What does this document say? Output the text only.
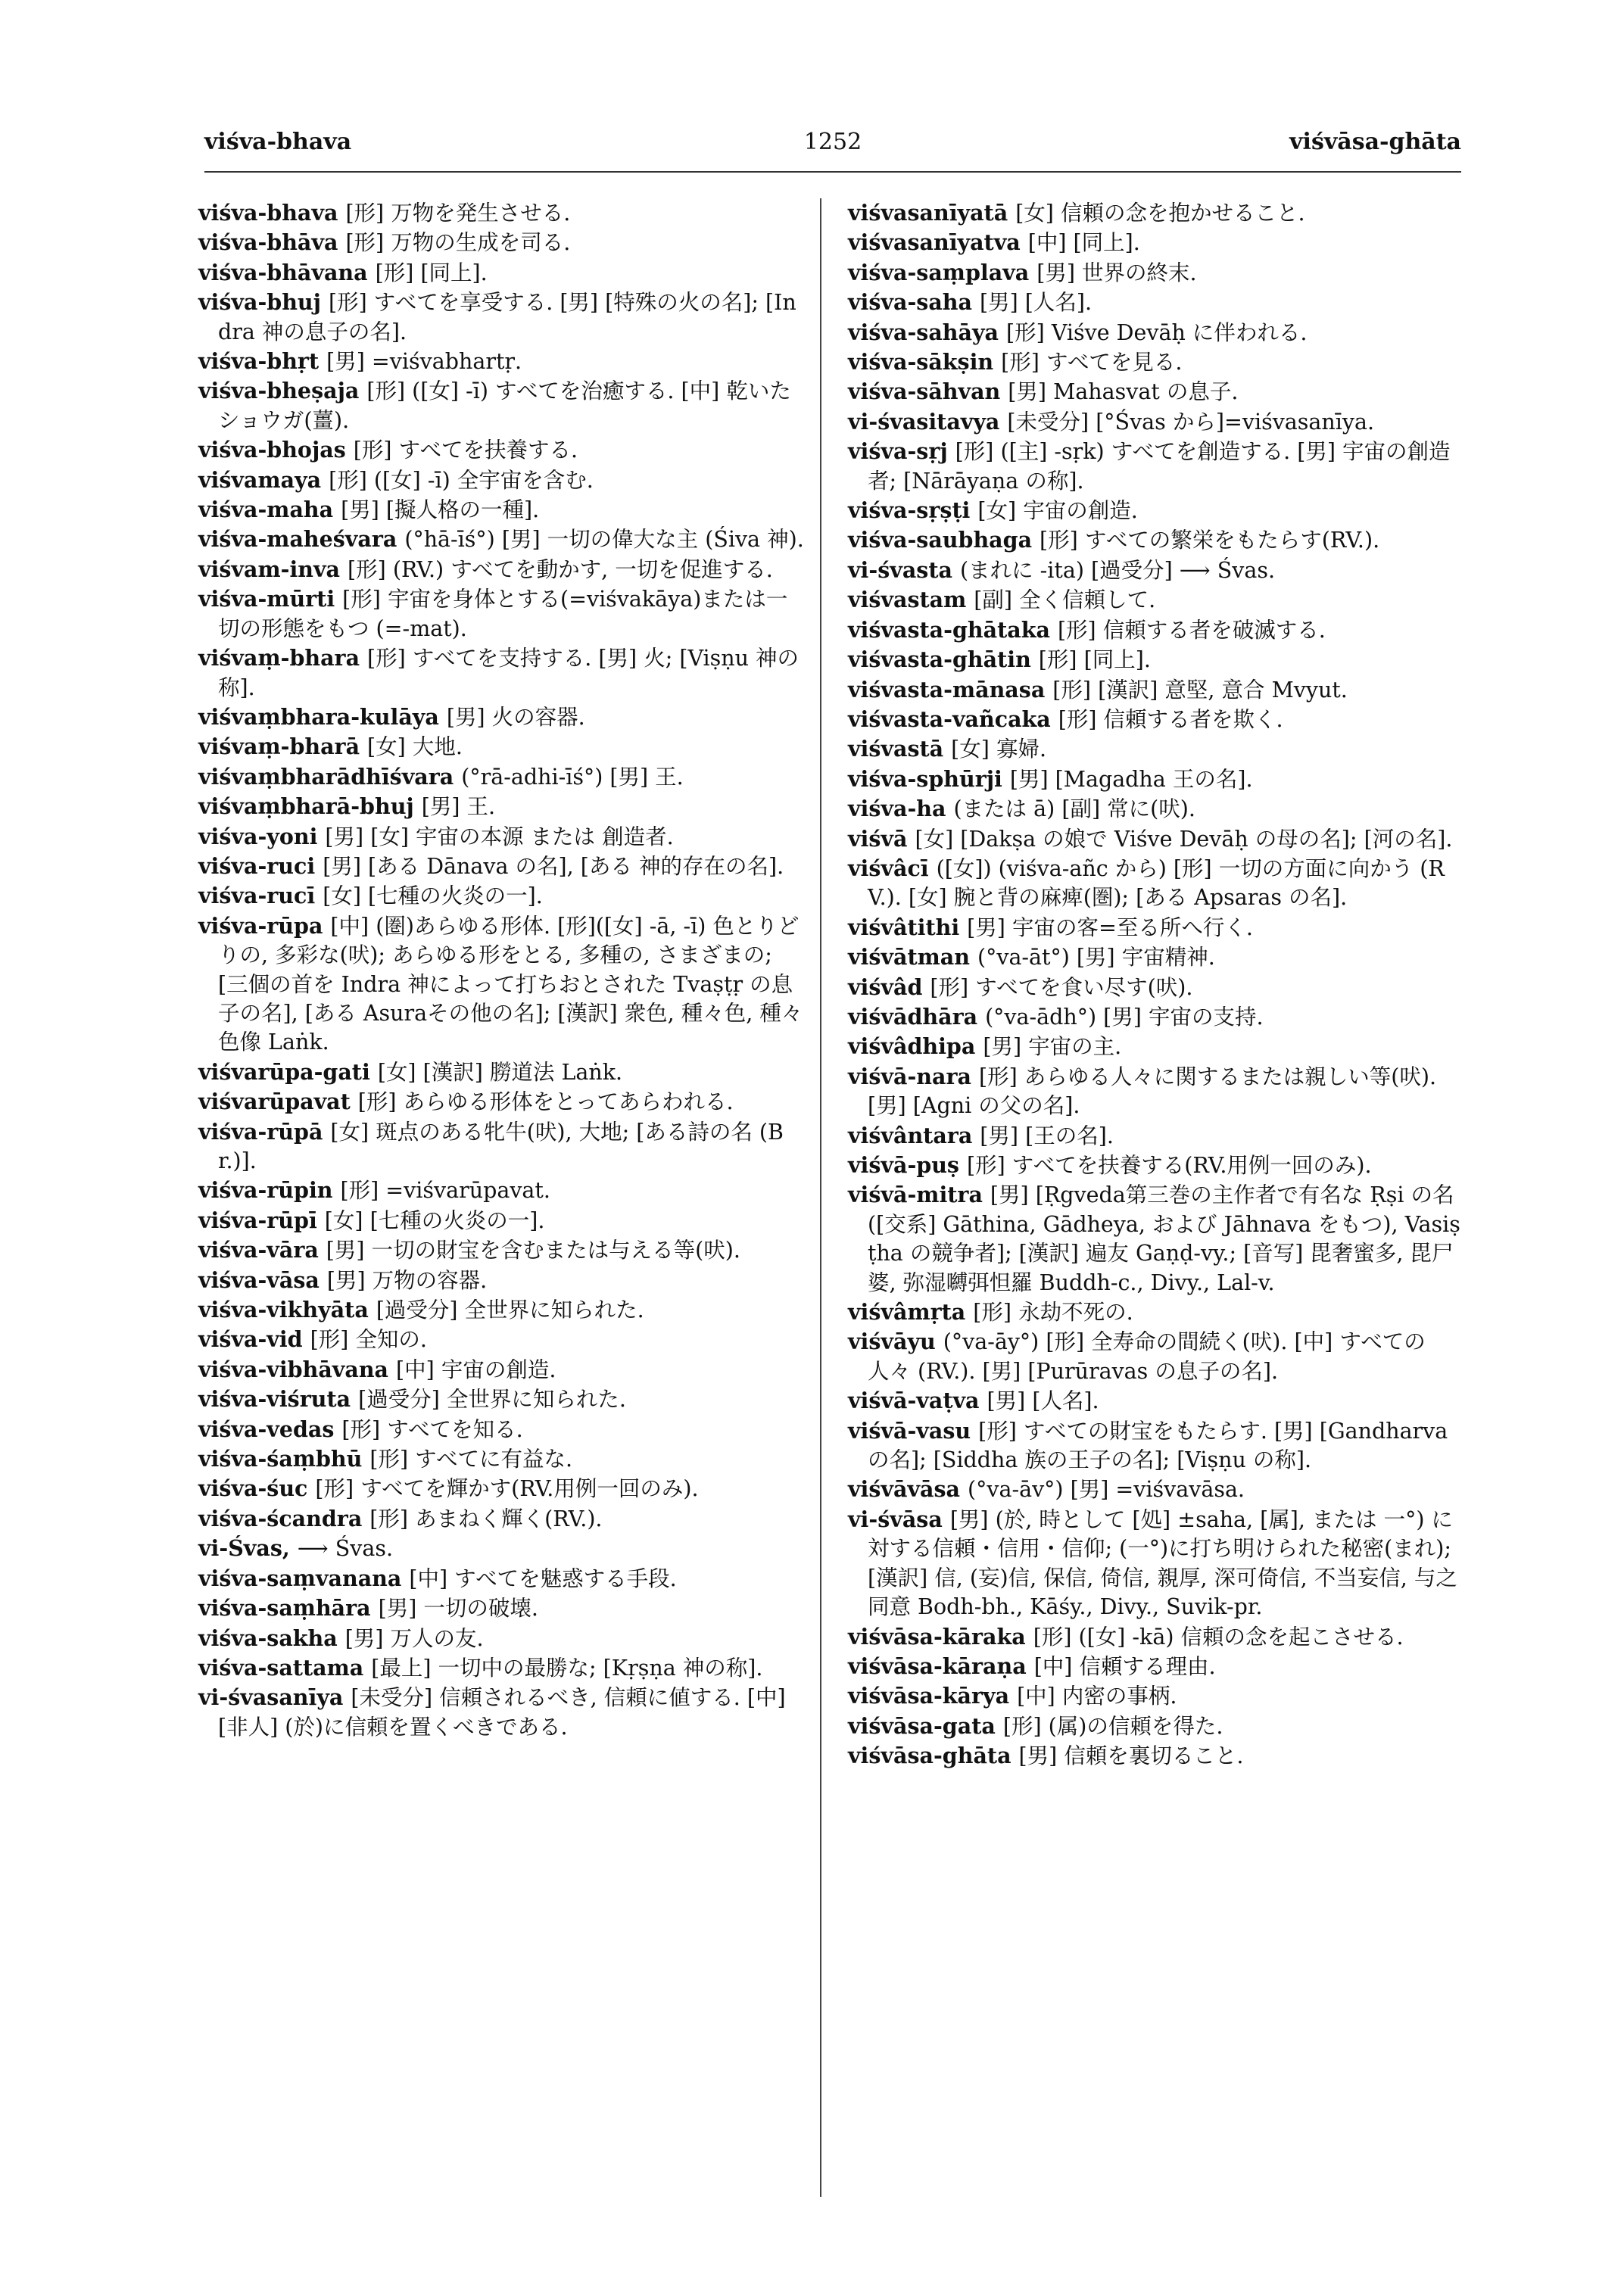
viśva-bhava	1252	viśvāsa-ghāta

viśva-bhava [形] 万物を発生させる.

viśva-bhāva [形] 万物の生成を司る.

viśva-bhāvana [形] [同上].

viśva-bhuj [形] すべてを享受する. [男] [特殊の火の名]; [Indra 神の息子の名].

viśva-bhṛt [男] =viśvabhartṛ.

viśva-bheṣaja [形] ([女] -ī) すべてを治癒する. [中] 乾いたショウガ(薑).

viśva-bhojas [形] すべてを扶養する.

viśvamaya [形] ([女] -ī) 全宇宙を含む.

viśva-maha [男] [擬人格の一種].

viśva-maheśvara (°hā-īś°) [男] 一切の偉大な主 (Śiva 神).

viśvam-inva [形] (RV.) すべてを動かす, 一切を促進する.

viśva-mūrti [形] 宇宙を身体とする(=viśvakāya)または一切の形態をもつ (=-mat).

viśvaṃ-bhara [形] すべてを支持する. [男] 火; [Viṣṇu 神の称].

viśvaṃbhara-kulāya [男] 火の容器.

viśvaṃ-bharā [女] 大地.

viśvaṃbharādhīśvara (°rā-adhi-īś°) [男] 王.

viśvaṃbharā-bhuj [男] 王.

viśva-yoni [男] [女] 宇宙の本源 または 創造者.

viśva-ruci [男] [ある Dānava の名], [ある 神的存在の名].

viśva-rucī [女] [七種の火炎の一].

viśva-rūpa [中] (圏)あらゆる形体. [形]([女] -ā, -ī) 色とりどりの, 多彩な(吠); あらゆる形をとる, 多種の, さまざまの; [三個の首を Indra 神によって打ちおとされた Tvaṣṭṛ の息子の名], [ある Asuraその他の名]; [漢訳] 衆色, 種々色, 種々色像 Laṅk.

viśvarūpa-gati [女] [漢訳] 朥道法 Laṅk.

viśvarūpavat [形] あらゆる形体をとってあらわれる.

viśva-rūpā [女] 斑点のある牝牛(吠), 大地; [ある詩の名 (Br.)].

viśva-rūpin [形] =viśvarūpavat.

viśva-rūpī [女] [七種の火炎の一].

viśva-vāra [男] 一切の財宝を含むまたは与える等(吠).

viśva-vāsa [男] 万物の容器.

viśva-vikhyāta [過受分] 全世界に知られた.

viśva-vid [形] 全知の.

viśva-vibhāvana [中] 宇宙の創造.

viśva-viśruta [過受分] 全世界に知られた.

viśva-vedas [形] すべてを知る.

viśva-śaṃbhū [形] すべてに有益な.

viśva-śuc [形] すべてを輝かす(RV.用例一回のみ).

viśva-ścandra [形] あまねく輝く(RV.).

vi-Śvas, ⟶ Śvas.

viśva-saṃvanana [中] すべてを魅惑する手段.

viśva-saṃhāra [男] 一切の破壊.

viśva-sakha [男] 万人の友.

viśva-sattama [最上] 一切中の最勝な; [Kṛṣṇa 神の称].

vi-śvasanīya [未受分] 信頼されるべき, 信頼に値する. [中] [非人] (於)に信頼を置くべきである.

viśvasanīyatā [女] 信頼の念を抱かせること.

viśvasanīyatva [中] [同上].

viśva-saṃplava [男] 世界の終末.

viśva-saha [男] [人名].

viśva-sahāya [形] Viśve Devāḥ に伴われる.

viśva-sākṣin [形] すべてを見る.

viśva-sāhvan [男] Mahasvat の息子.

vi-śvasitavya [未受分] [°Śvas から]=viśvasanīya.

viśva-sṛj [形] ([主] -sṛk) すべてを創造する. [男] 宇宙の創造者; [Nārāyaṇa の称].

viśva-sṛṣṭi [女] 宇宙の創造.

viśva-saubhaga [形] すべての繁栄をもたらす(RV.).

vi-śvasta (まれに -ita) [過受分] ⟶ Śvas.

viśvastam [副] 全く信頼して.

viśvasta-ghātaka [形] 信頼する者を破滅する.

viśvasta-ghātin [形] [同上].

viśvasta-mānasa [形] [漢訳] 意堅, 意合 Mvyut.

viśvasta-vañcaka [形] 信頼する者を欺く.

viśvastā [女] 寡婦.

viśva-sphūrji [男] [Magadha 王の名].

viśva-ha (または ā) [副] 常に(吠).

viśvā [女] [Dakṣa の娘で Viśve Devāḥ の母の名]; [河の名].

viśvâcī ([女]) (viśva-añc から) [形] 一切の方面に向かう (RV.). [女] 腕と背の麻痺(圏); [ある Apsaras の名].

viśvâtithi [男] 宇宙の客=至る所へ行く.

viśvātman (°va-āt°) [男] 宇宙精神.

viśvâd [形] すべてを食い尽す(吠).

viśvādhāra (°va-ādh°) [男] 宇宙の支持.

viśvâdhipa [男] 宇宙の主.

viśvā-nara [形] あらゆる人々に関するまたは親しい等(吠). [男] [Agni の父の名].

viśvântara [男] [王の名].

viśvā-puṣ [形] すべてを扶養する(RV.用例一回のみ).

viśvā-mitra [男] [Ṛgveda第三巻の主作者で有名な Ṛṣi の名 ([交系] Gāthina, Gādheya, および Jāhnava をもつ), Vasiṣṭha の競争者]; [漢訳] 遍友 Gaṇḍ-vy.; [音写] 毘奢蜜多, 毘尸婆, 弥湿嚩弭怛羅 Buddh-c., Divy., Lal-v.

viśvâmṛta [形] 永劫不死の.

viśvāyu (°va-āy°) [形] 全寿命の間続く(吠). [中] すべての人々 (RV.). [男] [Purūravas の息子の名].

viśvā-vaṭva [男] [人名].

viśvā-vasu [形] すべての財宝をもたらす. [男] [Gandharva の名]; [Siddha 族の王子の名]; [Viṣṇu の称].

viśvāvāsa (°va-āv°) [男] =viśvavāsa.

vi-śvāsa [男] (於, 時として [処] ±saha, [属], または 一°) に対する信頼・信用・信仰; (一°)に打ち明けられた秘密(まれ); [漢訳] 信, (妄)信, 保信, 倚信, 親厚, 深可倚信, 不当妄信, 与之同意 Bodh-bh., Kāśy., Divy., Suvik-pr.

viśvāsa-kāraka [形] ([女] -kā) 信頼の念を起こさせる.

viśvāsa-kāraṇa [中] 信頼する理由.

viśvāsa-kārya [中] 内密の事柄.

viśvāsa-gata [形] (属)の信頼を得た.

viśvāsa-ghāta [男] 信頼を裏切ること.
